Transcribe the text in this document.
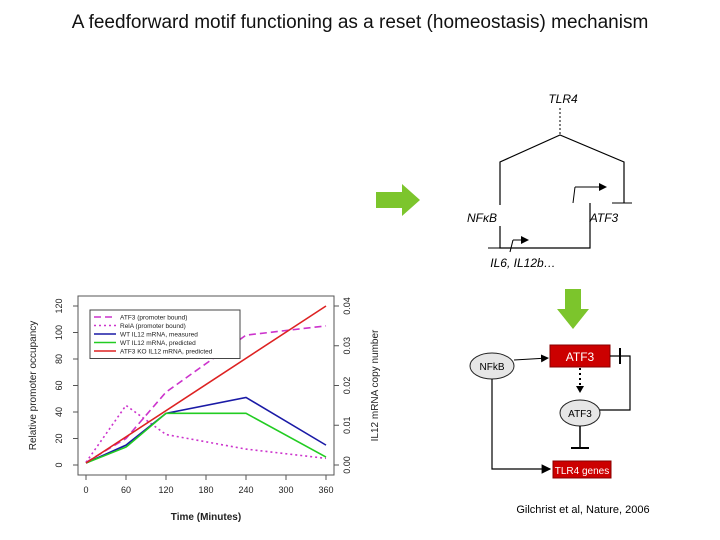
A feedforward motif functioning as a reset (homeostasis) mechanism
TLR4
ATF3
NFκB
IL6, IL12b…
NFkB
ATF3
ATF3
TLR4 genes
Gilchrist et al, Nature, 2006
0	60	120	180	240	300	360
0
20
40
60
80
100
120
0.00
0.01
0.02
0.03
0.04
Time (Minutes)
Relative promoter occupancy	IL12 mRNA copy number
ATF3 (promoter bound)
RelA (promoter bound)
WT IL12 mRNA, measured
WT IL12 mRNA, predicted
ATF3 KO IL12 mRNA, predicted
